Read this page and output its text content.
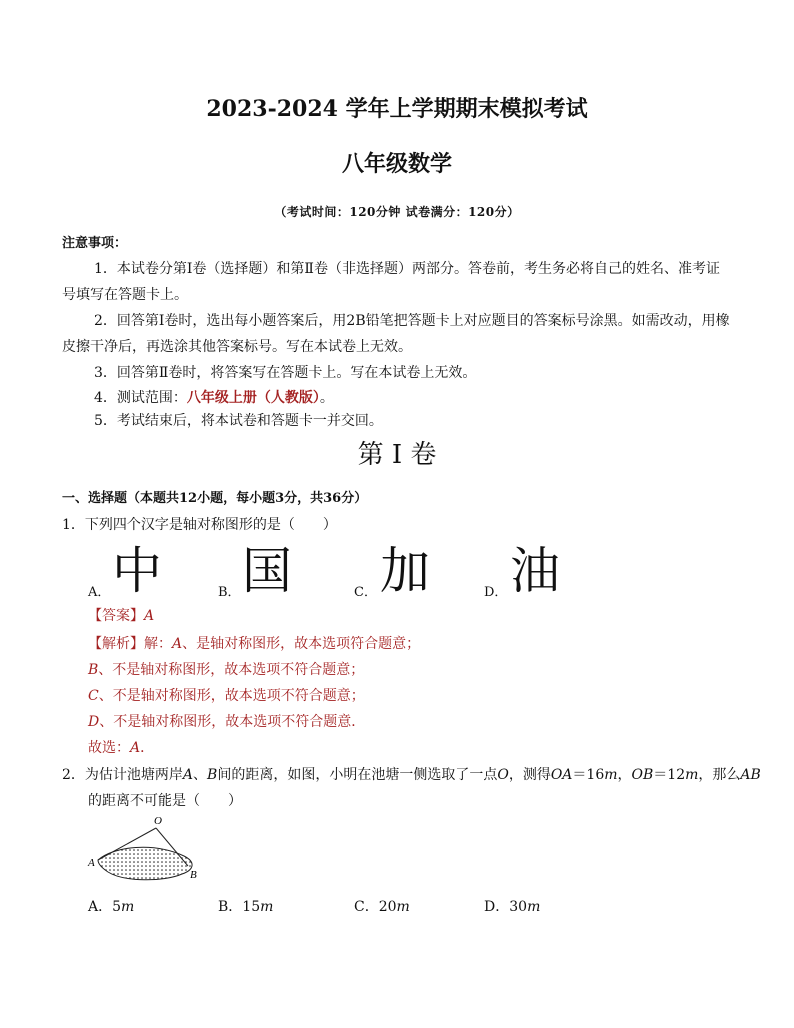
2023-2024 学年上学期期末模拟考试
八年级数学
（考试时间：120分钟 试卷满分：120分）
注意事项：
1．本试卷分第Ⅰ卷（选择题）和第Ⅱ卷（非选择题）两部分。答卷前，考生务必将自己的姓名、准考证
号填写在答题卡上。
2．回答第Ⅰ卷时，选出每小题答案后，用2B铅笔把答题卡上对应题目的答案标号涂黑。如需改动，用橡
皮擦干净后，再选涂其他答案标号。写在本试卷上无效。
3．回答第Ⅱ卷时，将答案写在答题卡上。写在本试卷上无效。
4．测试范围：八年级上册（人教版）。
5．考试结束后，将本试卷和答题卡一并交回。
第 I 卷
一、选择题（本题共12小题，每小题3分，共36分）
1．下列四个汉字是轴对称图形的是（　　）
A． 中	B． 国	C． 加	D． 油
【答案】A
【解析】解：A、是轴对称图形，故本选项符合题意；
B、不是轴对称图形，故本选项不符合题意；
C、不是轴对称图形，故本选项不符合题意；
D、不是轴对称图形，故本选项不符合题意．
故选：A．
2．为估计池塘两岸A、B间的距离，如图，小明在池塘一侧选取了一点O，测得OA＝16m，OB＝12m，那么AB
的距离不可能是（　　）
O
A
B
A．5m	B．15m	C．20m	D．30m
